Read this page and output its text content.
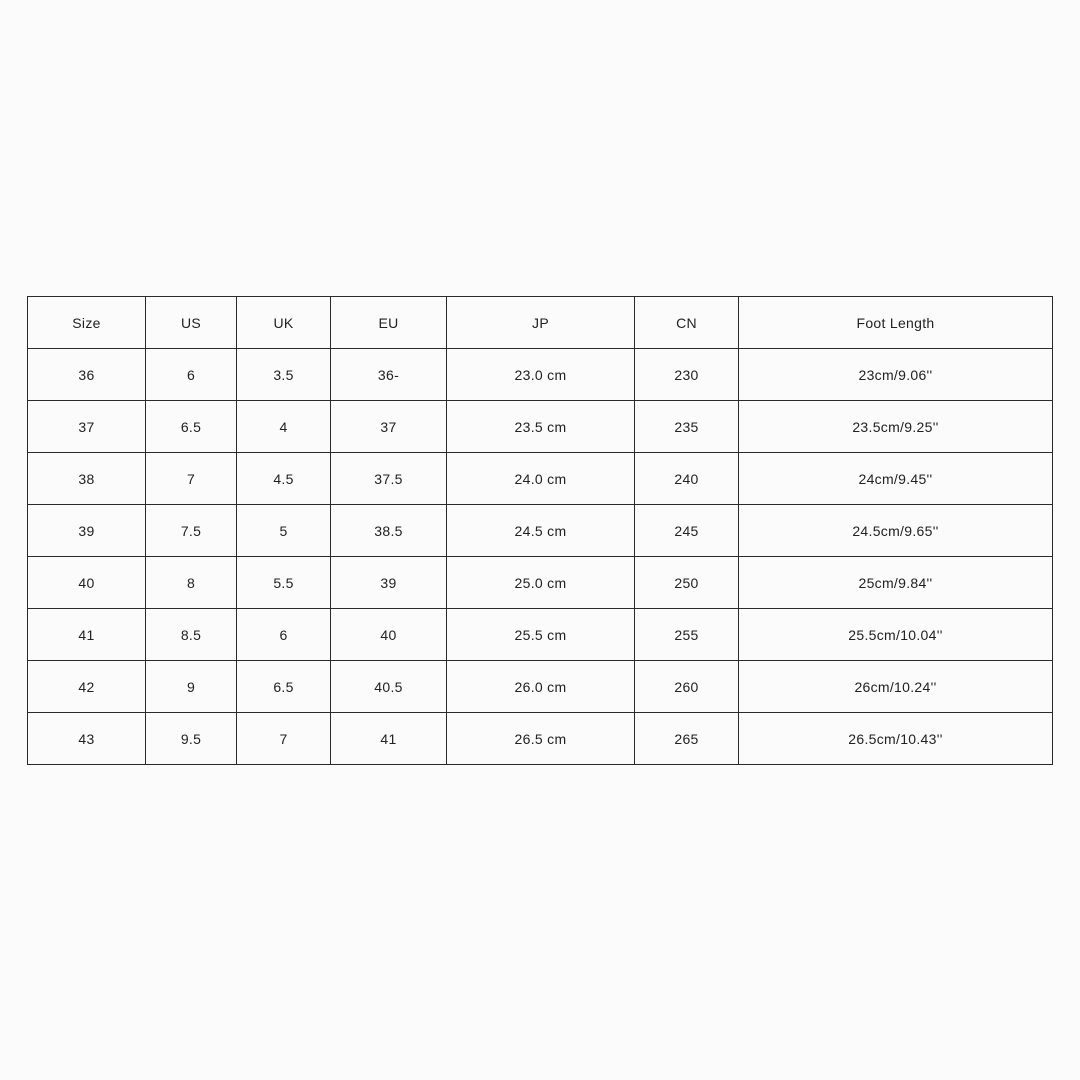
Size	US	UK	EU	JP	CN	Foot Length
36	6	3.5	36-	23.0 cm	230	23cm/9.06''
37	6.5	4	37	23.5 cm	235	23.5cm/9.25''
38	7	4.5	37.5	24.0 cm	240	24cm/9.45''
39	7.5	5	38.5	24.5 cm	245	24.5cm/9.65''
40	8	5.5	39	25.0 cm	250	25cm/9.84''
41	8.5	6	40	25.5 cm	255	25.5cm/10.04''
42	9	6.5	40.5	26.0 cm	260	26cm/10.24''
43	9.5	7	41	26.5 cm	265	26.5cm/10.43''
